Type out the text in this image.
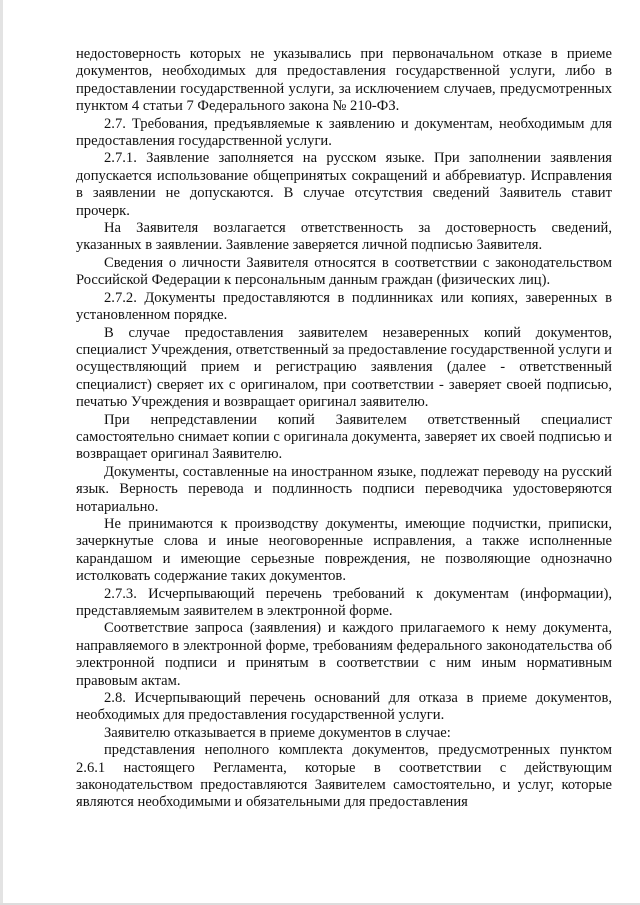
недостоверность которых не указывались при первоначальном отказе в приеме документов, необходимых для предоставления государственной услуги, либо в предоставлении государственной услуги, за исключением случаев, предусмотренных пунктом 4 статьи 7 Федерального закона № 210-ФЗ.

2.7. Требования, предъявляемые к заявлению и документам, необходимым для предоставления государственной услуги.

2.7.1. Заявление заполняется на русском языке. При заполнении заявления допускается использование общепринятых сокращений и аббревиатур. Исправления в заявлении не допускаются. В случае отсутствия сведений Заявитель ставит прочерк.

На Заявителя возлагается ответственность за достоверность сведений, указанных в заявлении. Заявление заверяется личной подписью Заявителя.

Сведения о личности Заявителя относятся в соответствии с законодательством Российской Федерации к персональным данным граждан (физических лиц).

2.7.2. Документы предоставляются в подлинниках или копиях, заверенных в установленном порядке.

В случае предоставления заявителем незаверенных копий документов, специалист Учреждения, ответственный за предоставление государственной услуги и осуществляющий прием и регистрацию заявления (далее - ответственный специалист) сверяет их с оригиналом, при соответствии - заверяет своей подписью, печатью Учреждения и возвращает оригинал заявителю.

При непредставлении копий Заявителем ответственный специалист самостоятельно снимает копии с оригинала документа, заверяет их своей подписью и возвращает оригинал Заявителю.

Документы, составленные на иностранном языке, подлежат переводу на русский язык. Верность перевода и подлинность подписи переводчика удостоверяются нотариально.

Не принимаются к производству документы, имеющие подчистки, приписки, зачеркнутые слова и иные неоговоренные исправления, а также исполненные карандашом и имеющие серьезные повреждения, не позволяющие однозначно истолковать содержание таких документов.

2.7.3. Исчерпывающий перечень требований к документам (информации), представляемым заявителем в электронной форме.

Соответствие запроса (заявления) и каждого прилагаемого к нему документа, направляемого в электронной форме, требованиям федерального законодательства об электронной подписи и принятым в соответствии с ним иным нормативным правовым актам.

2.8. Исчерпывающий перечень оснований для отказа в приеме документов, необходимых для предоставления государственной услуги.

Заявителю отказывается в приеме документов в случае:

представления неполного комплекта документов, предусмотренных пунктом 2.6.1 настоящего Регламента, которые в соответствии с действующим законодательством предоставляются Заявителем самостоятельно, и услуг, которые являются необходимыми и обязательными для предоставления
